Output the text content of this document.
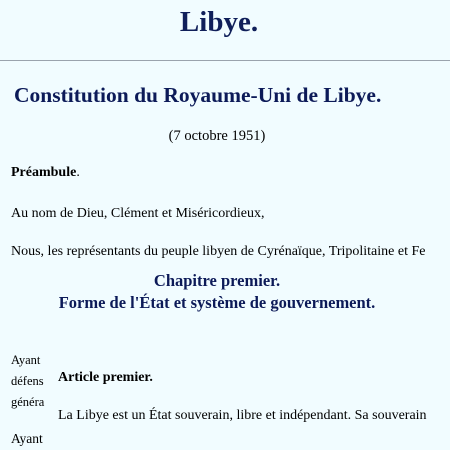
Libye.
Constitution du Royaume-Uni de Libye.
(7 octobre 1951)
Préambule.
Au nom de Dieu, Clément et Miséricordieux,
Nous, les représentants du peuple libyen de Cyrénaïque, Tripolitaine et Fe
Ayant
défens
généra
Ayant
Chapitre premier.
Forme de l'État et système de gouvernement.
Article premier.
La Libye est un État souverain, libre et indépendant. Sa souverain
